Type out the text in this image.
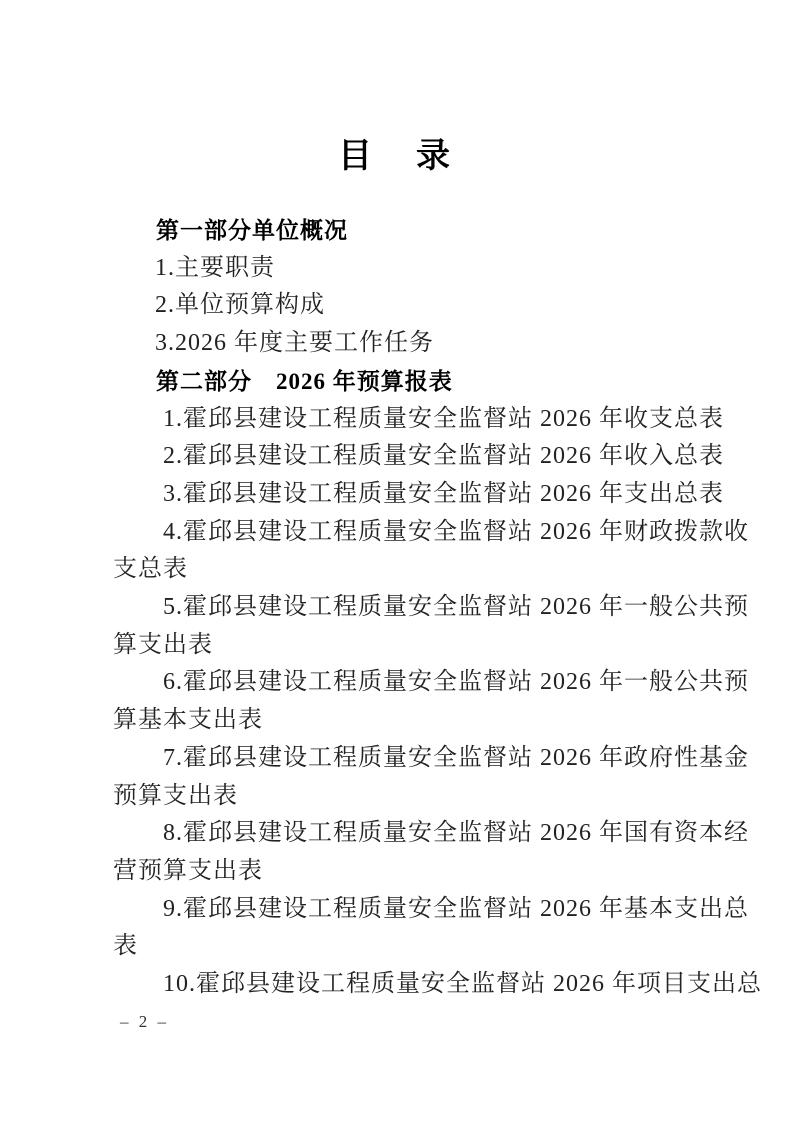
目　录
第一部分单位概况
1.主要职责
2.单位预算构成
3.2026 年度主要工作任务
第二部分　2026 年预算报表
1.霍邱县建设工程质量安全监督站 2026 年收支总表
2.霍邱县建设工程质量安全监督站 2026 年收入总表
3.霍邱县建设工程质量安全监督站 2026 年支出总表
4.霍邱县建设工程质量安全监督站 2026 年财政拨款收
支总表
5.霍邱县建设工程质量安全监督站 2026 年一般公共预
算支出表
6.霍邱县建设工程质量安全监督站 2026 年一般公共预
算基本支出表
7.霍邱县建设工程质量安全监督站 2026 年政府性基金
预算支出表
8.霍邱县建设工程质量安全监督站 2026 年国有资本经
营预算支出表
9.霍邱县建设工程质量安全监督站 2026 年基本支出总
表
10.霍邱县建设工程质量安全监督站 2026 年项目支出总
– 2 –
